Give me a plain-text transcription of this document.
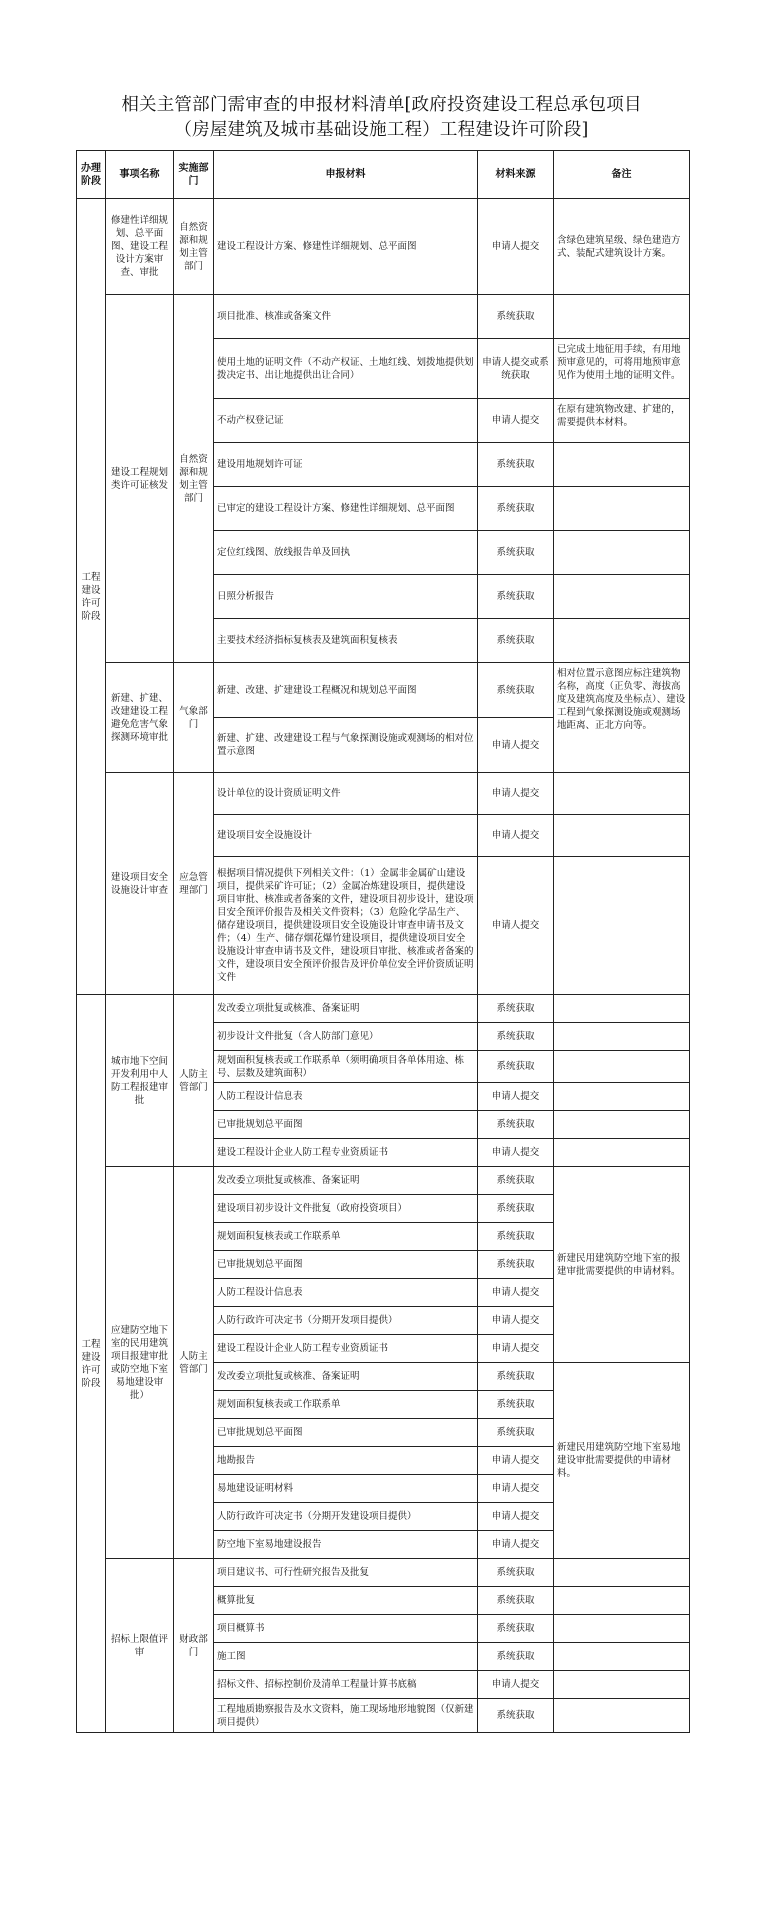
相关主管部门需审查的申报材料清单[政府投资建设工程总承包项目
（房屋建筑及城市基础设施工程）工程建设许可阶段]
办理阶段	事项名称	实施部门	申报材料	材料来源	备注
工程建设许可阶段	修建性详细规划、总平面图、建设工程设计方案审查、审批	自然资源和规划主管部门	建设工程设计方案、修建性详细规划、总平面图	申请人提交	含绿色建筑星级、绿色建造方式、装配式建筑设计方案。
	建设工程规划类许可证核发	自然资源和规划主管部门	项目批准、核准或备案文件	系统获取	
			使用土地的证明文件（不动产权证、土地红线、划拨地提供划拨决定书、出让地提供出让合同）	申请人提交或系统获取	已完成土地征用手续，有用地预审意见的，可将用地预审意见作为使用土地的证明文件。
			不动产权登记证	申请人提交	在原有建筑物改建、扩建的，需要提供本材料。
			建设用地规划许可证	系统获取	
			已审定的建设工程设计方案、修建性详细规划、总平面图	系统获取	
			定位红线图、放线报告单及回执	系统获取	
			日照分析报告	系统获取	
			主要技术经济指标复核表及建筑面积复核表	系统获取	
	新建、扩建、改建建设工程避免危害气象探测环境审批	气象部门	新建、改建、扩建建设工程概况和规划总平面图	系统获取	相对位置示意图应标注建筑物名称，高度（正负零、海拔高度及建筑高度及坐标点）、建设工程到气象探测设施或观测场地距离、正北方向等。
			新建、扩建、改建建设工程与气象探测设施或观测场的相对位置示意图	申请人提交	
	建设项目安全设施设计审查	应急管理部门	设计单位的设计资质证明文件	申请人提交	
			建设项目安全设施设计	申请人提交	
			根据项目情况提供下列相关文件：（1）金属非金属矿山建设项目，提供采矿许可证；（2）金属冶炼建设项目，提供建设项目审批、核准或者备案的文件，建设项目初步设计，建设项目安全预评价报告及相关文件资料；（3）危险化学品生产、储存建设项目，提供建设项目安全设施设计审查申请书及文件；（4）生产、储存烟花爆竹建设项目，提供建设项目安全设施设计审查申请书及文件，建设项目审批、核准或者备案的文件，建设项目安全预评价报告及评价单位安全评价资质证明文件	申请人提交	
工程建设许可阶段	城市地下空间开发利用中人防工程报建审批	人防主管部门	发改委立项批复或核准、备案证明	系统获取	
			初步设计文件批复（含人防部门意见）	系统获取	
			规划面积复核表或工作联系单（须明确项目各单体用途、栋号、层数及建筑面积）	系统获取	
			人防工程设计信息表	申请人提交	
			已审批规划总平面图	系统获取	
			建设工程设计企业人防工程专业资质证书	申请人提交	
	应建防空地下室的民用建筑项目报建审批或防空地下室易地建设审批）	人防主管部门	发改委立项批复或核准、备案证明	系统获取	新建民用建筑防空地下室的报建审批需要提供的申请材料。
			建设项目初步设计文件批复（政府投资项目）	系统获取	
			规划面积复核表或工作联系单	系统获取	
			已审批规划总平面图	系统获取	
			人防工程设计信息表	申请人提交	
			人防行政许可决定书（分期开发项目提供）	申请人提交	
			建设工程设计企业人防工程专业资质证书	申请人提交	
			发改委立项批复或核准、备案证明	系统获取	新建民用建筑防空地下室易地建设审批需要提供的申请材料。
			规划面积复核表或工作联系单	系统获取	
			已审批规划总平面图	系统获取	
			地勘报告	申请人提交	
			易地建设证明材料	申请人提交	
			人防行政许可决定书（分期开发建设项目提供）	申请人提交	
			防空地下室易地建设报告	申请人提交	
	招标上限值评审	财政部门	项目建议书、可行性研究报告及批复	系统获取	
			概算批复	系统获取	
			项目概算书	系统获取	
			施工图	系统获取	
			招标文件、招标控制价及清单工程量计算书底稿	申请人提交	
			工程地质勘察报告及水文资料，施工现场地形地貌图（仅新建项目提供）	系统获取	
